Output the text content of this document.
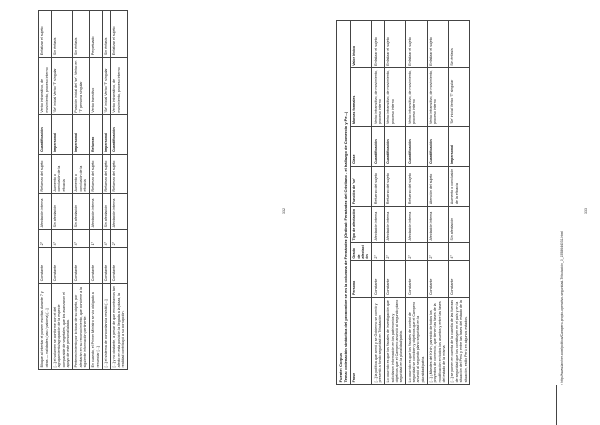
Bloque al intentar el poseer escritas durante 7 y otras — nalidades (uso / paloma) [...]	Constante	2°	Afectación interna	Refuerzo del sujeto	Cuantificación	Verbo intransitivo, de movimiento, proceso interno	Enfatizar el sujeto
[...] el volumen se conforme con el del agrupamiento/agrupación de la especie comparable de vegetales, que los avanzaron el apoyo de este personal/alaba.	Constante	4°	Sin afectación	Aumento o conclusión de la eficacia	Impersonal	'Se' inicial Verbo 'T' singular	Sin énfasis
Pertenecimiento por lo tocar de su objeto, por afectarán en su reconocimiento, que conciene a la siguiente información pertinente.	Constante	4°	Sin afectación	Aumento o conclusión de la eficacia	Impersonal	Posición inicial del 'se'. Verbo en 'T' persona singular	Sin énfasis
En cuando, el Primer Ministro se vio obligado a renunciar [...]	Constante	1°	Afectación interna	Refuerzo del sujeto	Refuerzo	Verbo transitivo	Perpetuado
[...] el sistema de concordancia resistió [...]	Constante	4°	Sin afectación	Refuerzo del sujeto	Impersonal	'Se' inicial Verbo 'T' singular	Sin énfasis
[...] y no obstante, a pesar de que encontramos tan afecto en esta posición la llegada a la plaza, la realidad contribuyó a su corrupción.	Constante	2°	Afectación interna	Refuerzo del sujeto	Cuantificación	Verbo intransitivo, de movimiento, proceso interno	Enfatizar el sujeto
332
Fuente: Corpus Tema: ordenación sintáctica del pronombre se en la columna de Fernández (Ordinal: Fernández del Cristiano - el hallazgo de Comercio y Pe...) Frase	Persona	Grado de afectación	Tipo de afectación	Función de 'se'	Clase	Marcas formales	Valor léxico
[...] la política que armó y se Gobierno se comió y presentó a fondo seguridad en Tributación	Constante	2°	Afectación interna	Refuerzo del sujeto	Cuantificación	Verbo intransitivo, de movimiento, proceso interno	Enfatizar el sujeto
Lo ocurrido es que los fiscales de investigación que solicitaron información en los patrimonios y objetivos que el Campero anunció al segundo plano seguridad en la pluralidad/patria.	Constante	2°	Afectación interna	Refuerzo del sujeto	Cuantificación	Verbo intransitivo, de movimiento, proceso interno	Enfatizar el sujeto
Lo ocurrido es que los fiscales de control de seguridad se conciben y objetivos que el Campero anunció al segundo plano seguridad en la pluralidad/patria.	Constante	2°	Afectación interna	Refuerzo del sujeto	Cuantificación	Verbo intransitivo, de movimiento, proceso interno	Enfatizar el sujeto
[...] ¿Mandes del Kirch, parecido de todos los proyectos de comercio, que tienen las fases de la modificación en todos los asuntos y entre las fases del estado de la misma	Constante	2°	Afectación interna	Atención del sujeto	Cuantificación	Verbo intransitivo, de movimiento, proceso interno	Enfatizar el sujeto
[...] se ponen en cuenta de la cuantía de las fuerzas de seguridad que los constituyen en el país y en la situación del Perú y entre las fases del estado de la situación, estilo Perú en algunos estados.	Constante	4°	Sin afectación	Aumento o conclusión de la eficacia	Impersonal	'Se' inicial Verbo 'T' singular	Sin énfasis
¹ http://www.larcher.com/politica/Campero-propio-operativo-seguridad-Tributación_0_1558644031.html
333
